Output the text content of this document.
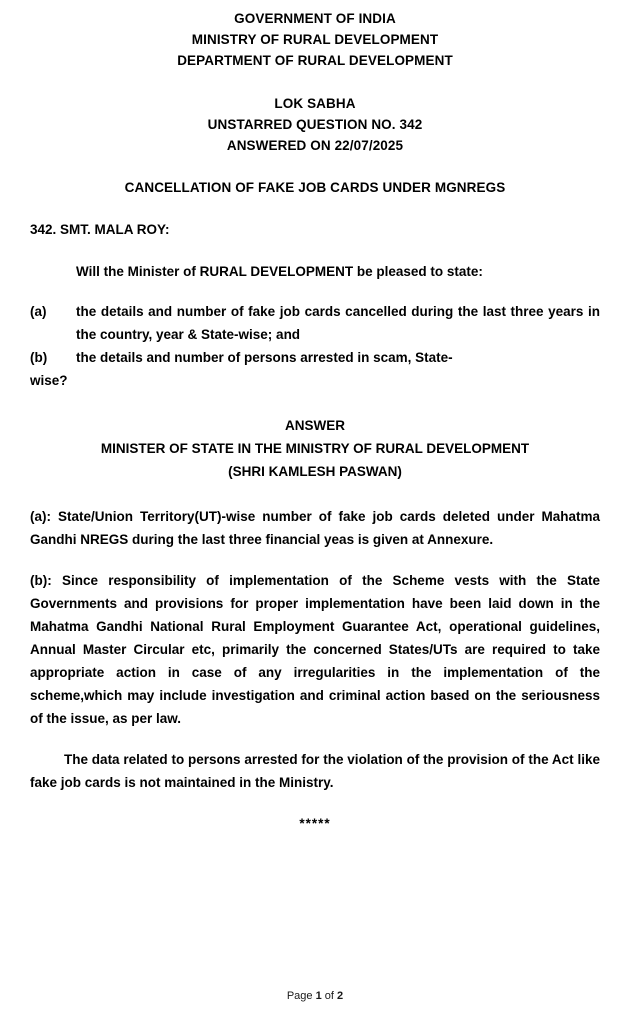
GOVERNMENT OF INDIA
MINISTRY OF RURAL DEVELOPMENT
DEPARTMENT OF RURAL DEVELOPMENT
LOK SABHA
UNSTARRED QUESTION NO. 342
ANSWERED ON 22/07/2025
CANCELLATION OF FAKE JOB CARDS UNDER MGNREGS
342. SMT. MALA ROY:
Will the Minister of RURAL DEVELOPMENT be pleased to state:
(a)	the details and number of fake job cards cancelled during the last three years in the country, year & State-wise; and
(b)	the details and number of persons arrested in scam, State-
wise?
ANSWER
MINISTER OF STATE IN THE MINISTRY OF RURAL DEVELOPMENT
(SHRI KAMLESH PASWAN)
(a): State/Union Territory(UT)-wise number of fake job cards deleted under Mahatma Gandhi NREGS during the last three financial yeas is given at Annexure.
(b): Since responsibility of implementation of the Scheme vests with the State Governments and provisions for proper implementation have been laid down in the Mahatma Gandhi National Rural Employment Guarantee Act, operational guidelines, Annual Master Circular etc, primarily the concerned States/UTs are required to take appropriate action in case of any irregularities in the implementation of the scheme,which may include investigation and criminal action based on the seriousness of the issue, as per law.
The data related to persons arrested for the violation of the provision of the Act like fake job cards is not maintained in the Ministry.
*****
Page 1 of 2
